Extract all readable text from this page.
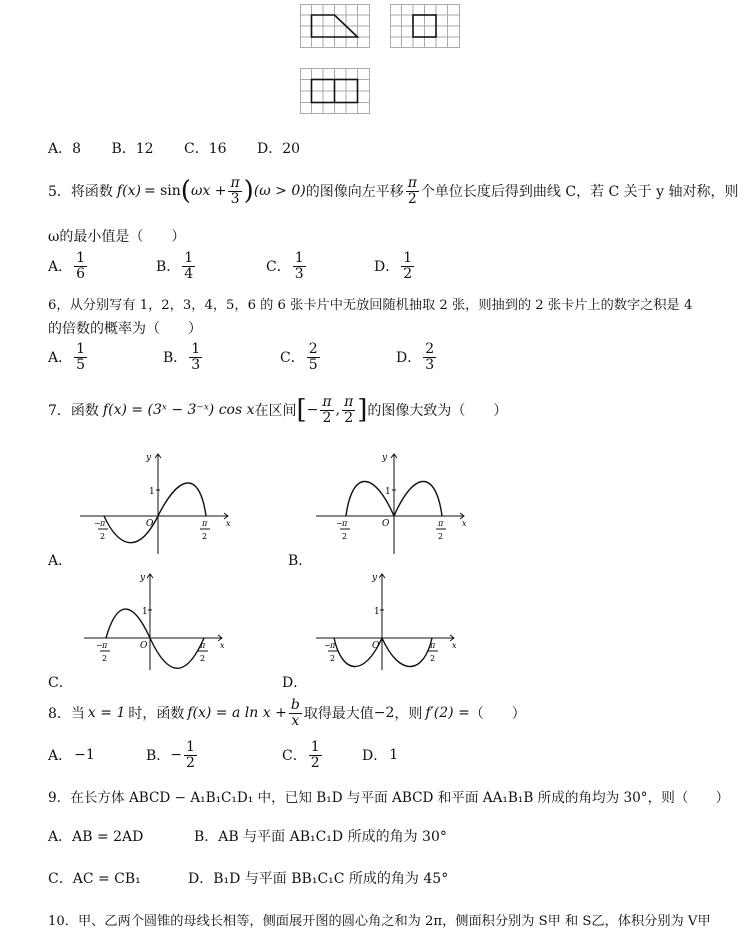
A．8 B．12 C．16 D．20
5． 将函数 f(x) = sin ( $\omega x + \frac{\pi}{3}$ ) (ω > 0) 的图像向左平移 $\frac{\pi}{2}$ 个单位长度后得到曲线 C，若 C 关于 y 轴对称，则
ω的最小值是（　　）
A． $\frac{1}{6}$	B． $\frac{1}{4}$	C． $\frac{1}{3}$	D． $\frac{1}{2}$
6，从分别写有 1，2，3，4，5，6 的 6 张卡片中无放回随机抽取 2 张，则抽到的 2 张卡片上的数字之积是 4
的倍数的概率为（　　）
A． $\frac{1}{5}$	B． $\frac{1}{3}$	C． $\frac{2}{5}$	D． $\frac{2}{3}$
7． 函数 f(x) = (3ˣ − 3⁻ˣ) cos x 在区间 [ − $\frac{\pi}{2}$ , $\frac{\pi}{2}$ ] 的图像大致为（　　）
y
1
O	x
− π
2
π
2
A．
y
1
O	x
− π
2
π
2
B．
y
1
O	x
− π
2
π
2
C．
y
1
O	x
− π
2
π
2
D．
8． 当 x = 1 时，函数 f(x) = a $\ln x + \frac{b}{x}$ 取得最大值 −2 ，则 f′(2) = （　　）
A． −1	B． − $\frac{1}{2}$	C． $\frac{1}{2}$	D． 1
9．在长方体 ABCD − A₁B₁C₁D₁ 中，已知 B₁D 与平面 ABCD 和平面 AA₁B₁B 所成的角均为 30°，则（　　）
A．AB = 2AD	B．AB 与平面 AB₁C₁D 所成的角为 30°
C．AC = CB₁	D．B₁D 与平面 BB₁C₁C 所成的角为 45°
10．甲、乙两个圆锥的母线长相等，侧面展开图的圆心角之和为 2π，侧面积分别为 S甲 和 S乙，体积分别为 V甲
